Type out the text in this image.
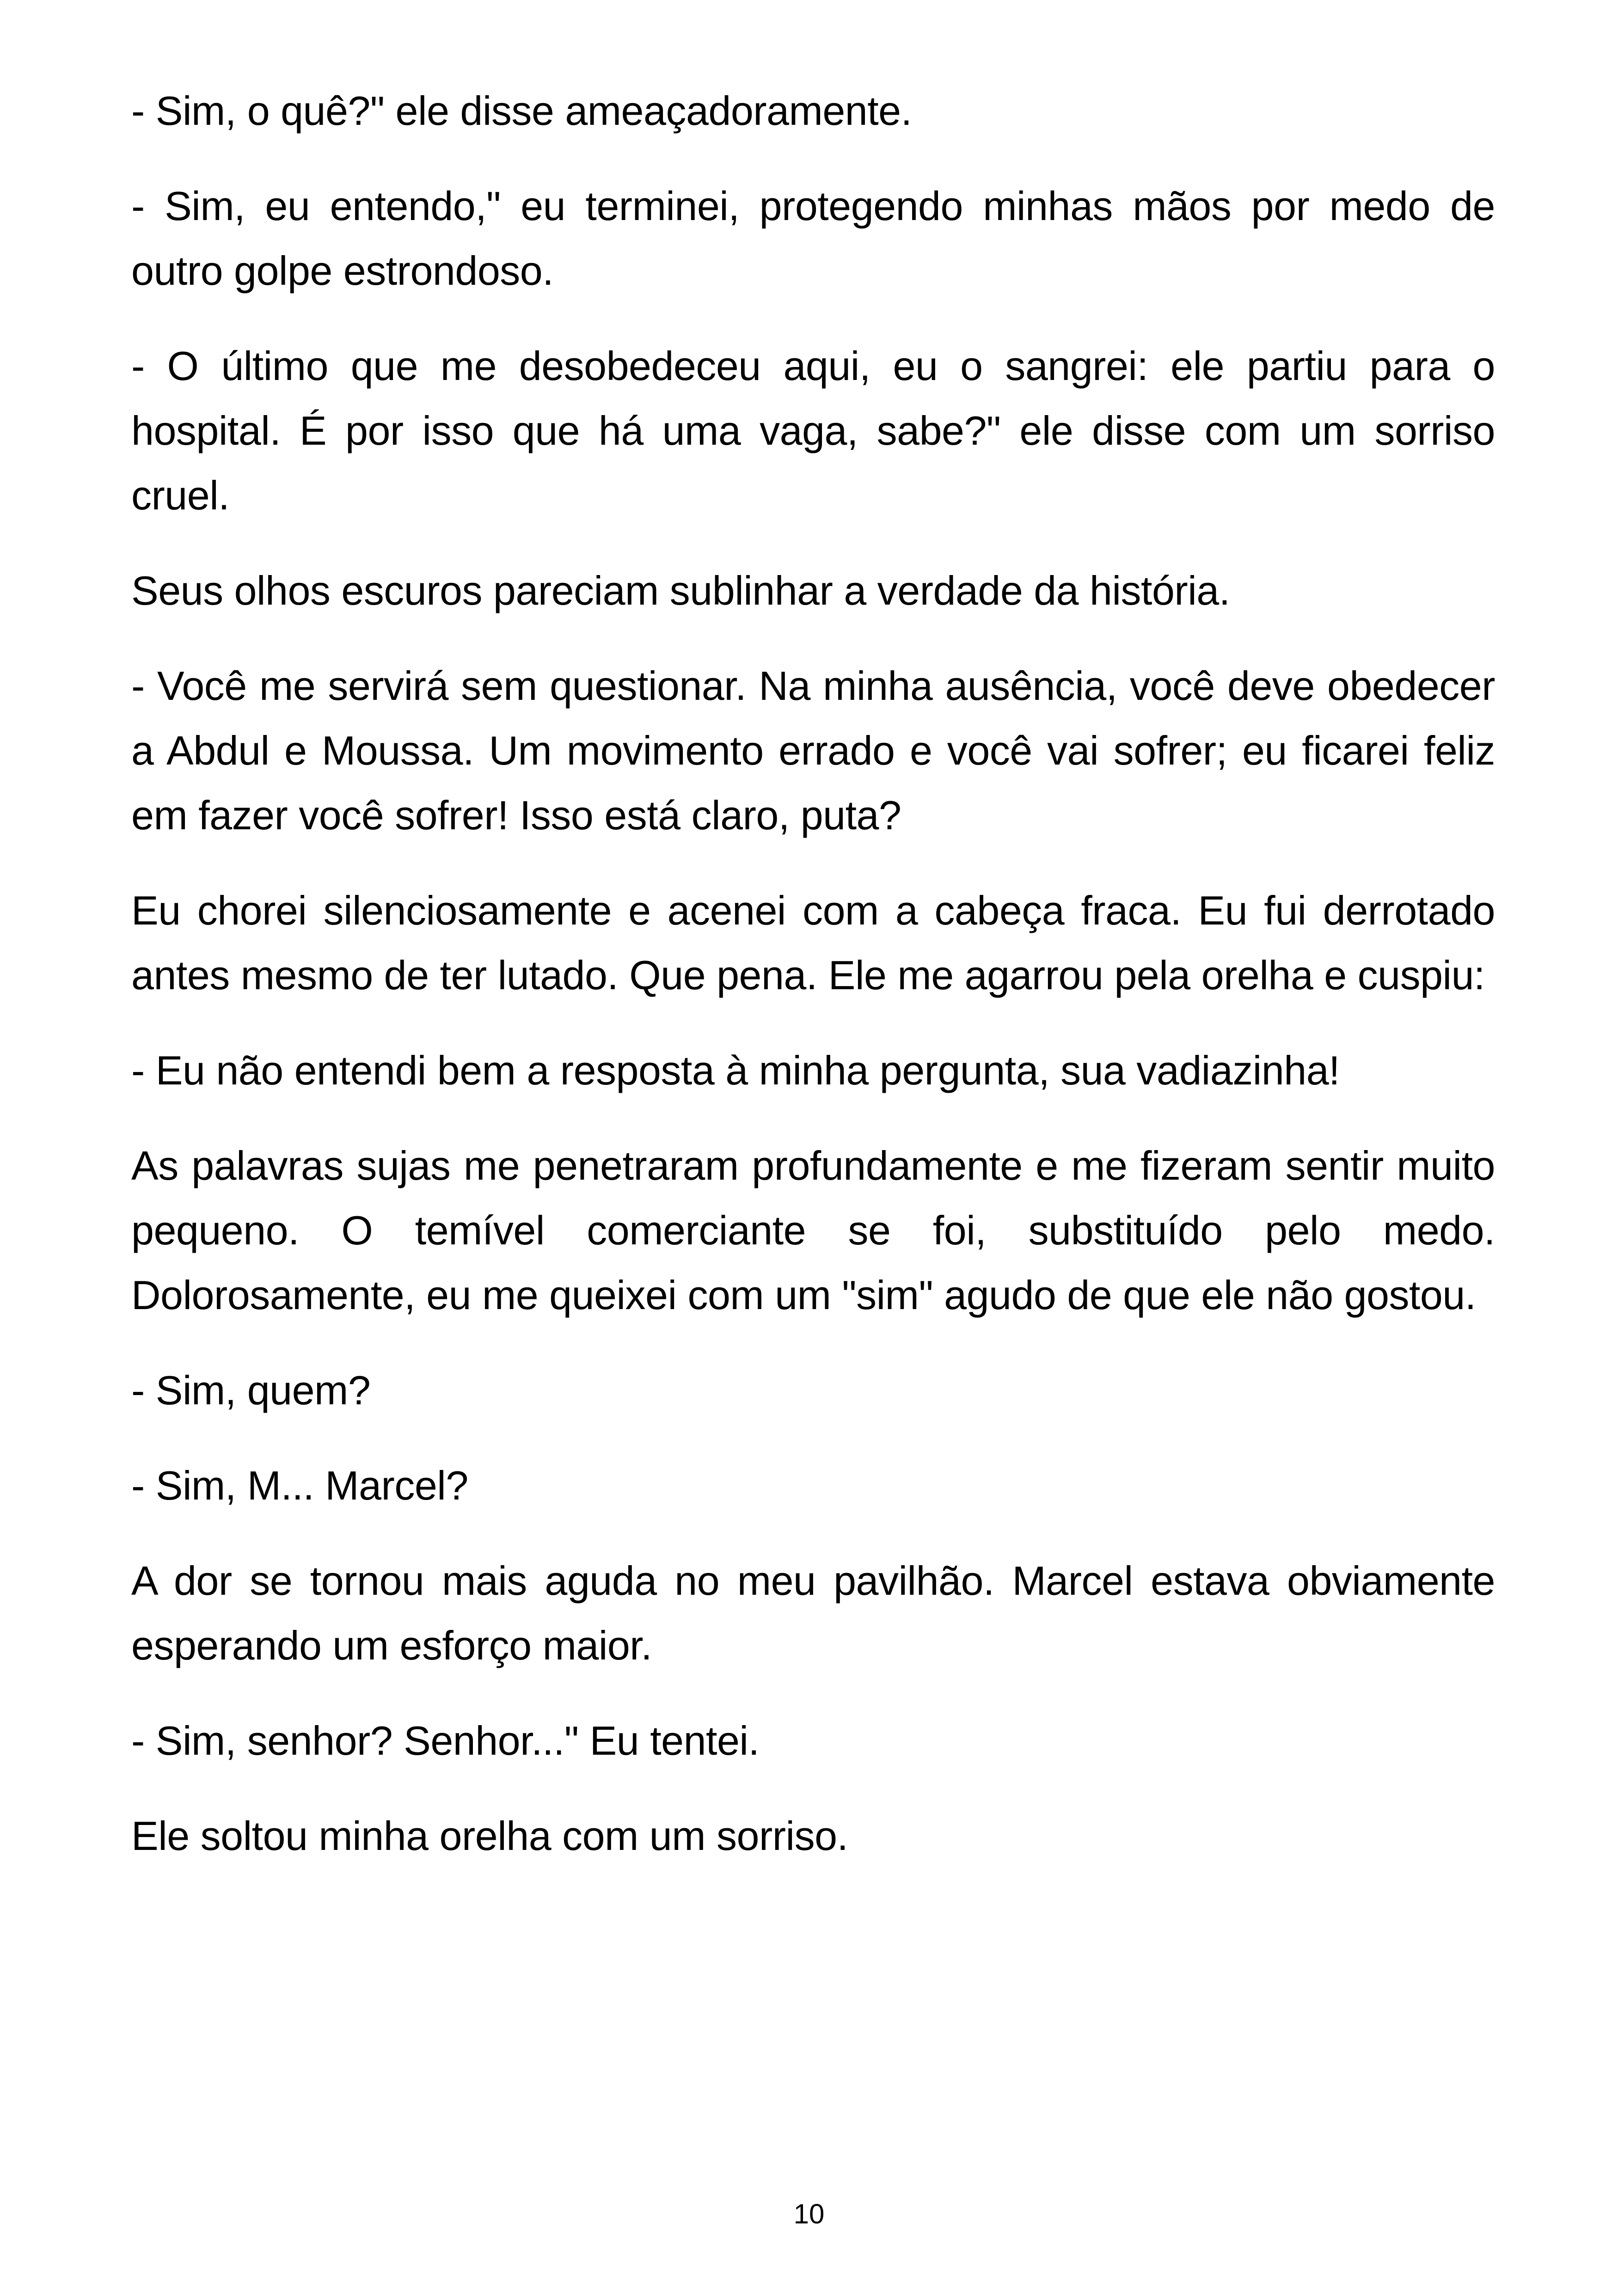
- Sim, o quê?" ele disse ameaçadoramente.

- Sim, eu entendo," eu terminei, protegendo minhas mãos por medo de outro golpe estrondoso.

- O último que me desobedeceu aqui, eu o sangrei: ele partiu para o hospital. É por isso que há uma vaga, sabe?" ele disse com um sorriso cruel.

Seus olhos escuros pareciam sublinhar a verdade da história.

- Você me servirá sem questionar. Na minha ausência, você deve obedecer a Abdul e Moussa. Um movimento errado e você vai sofrer; eu ficarei feliz em fazer você sofrer! Isso está claro, puta?

Eu chorei silenciosamente e acenei com a cabeça fraca. Eu fui derrotado antes mesmo de ter lutado. Que pena. Ele me agarrou pela orelha e cuspiu:

- Eu não entendi bem a resposta à minha pergunta, sua vadiazinha!

As palavras sujas me penetraram profundamente e me fizeram sentir muito pequeno. O temível comerciante se foi, substituído pelo medo. Dolorosamente, eu me queixei com um "sim" agudo de que ele não gostou.

- Sim, quem?

- Sim, M... Marcel?

A dor se tornou mais aguda no meu pavilhão. Marcel estava obviamente esperando um esforço maior.

- Sim, senhor? Senhor..." Eu tentei.

Ele soltou minha orelha com um sorriso.

10
